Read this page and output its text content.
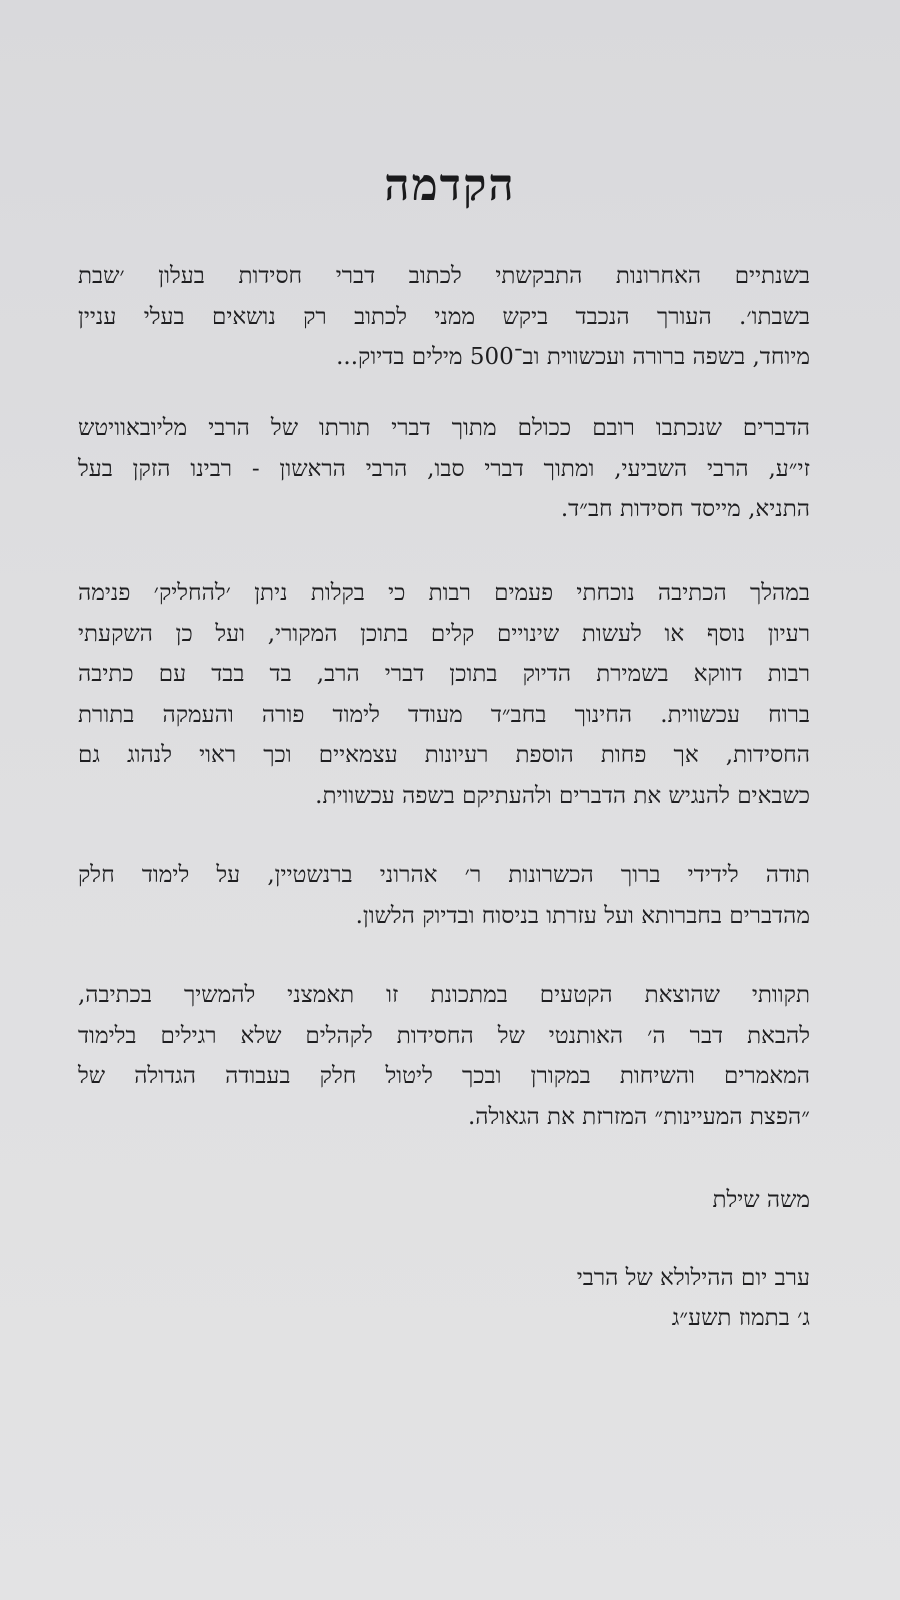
הקדמה
בשנתיים האחרונות התבקשתי לכתוב דברי חסידות בעלון ׳שבת
בשבתו׳. העורך הנכבד ביקש ממני לכתוב רק נושאים בעלי עניין
מיוחד, בשפה ברורה ועכשווית וב־500 מילים בדיוק...
הדברים שנכתבו רובם ככולם מתוך דברי תורתו של הרבי מליובאוויטש
זי״ע, הרבי השביעי, ומתוך דברי סבו, הרבי הראשון - רבינו הזקן בעל
התניא, מייסד חסידות חב״ד.
במהלך הכתיבה נוכחתי פעמים רבות כי בקלות ניתן ׳להחליק׳ פנימה
רעיון נוסף או לעשות שינויים קלים בתוכן המקורי, ועל כן השקעתי
רבות דווקא בשמירת הדיוק בתוכן דברי הרב, בד בבד עם כתיבה
ברוח עכשווית. החינוך בחב״ד מעודד לימוד פורה והעמקה בתורת
החסידות, אך פחות הוספת רעיונות עצמאיים וכך ראוי לנהוג גם
כשבאים להנגיש את הדברים ולהעתיקם בשפה עכשווית.
תודה לידידי ברוך הכשרונות ר׳ אהרוני ברנשטיין, על לימוד חלק
מהדברים בחברותא ועל עזרתו בניסוח ובדיוק הלשון.
תקוותי שהוצאת הקטעים במתכונת זו תאמצני להמשיך בכתיבה,
להבאת דבר ה׳ האותנטי של החסידות לקהלים שלא רגילים בלימוד
המאמרים והשיחות במקורן ובכך ליטול חלק בעבודה הגדולה של
״הפצת המעיינות״ המזרזת את הגאולה.
משה שילת
ערב יום ההילולא של הרבי
ג׳ בתמוז תשע״ג
